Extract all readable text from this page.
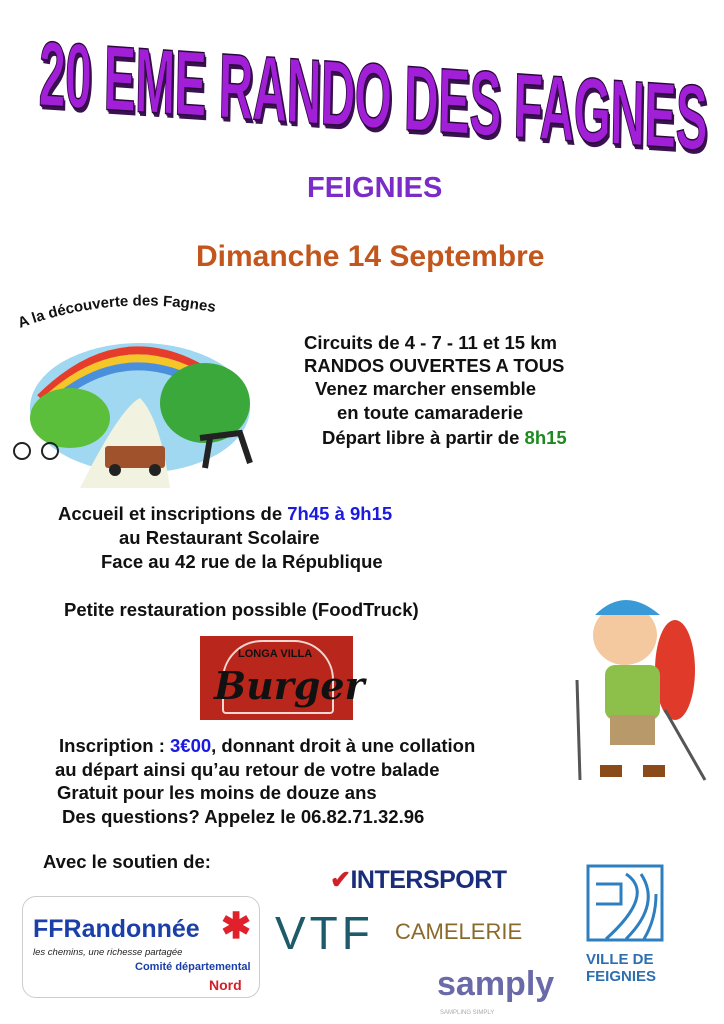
20 EME RANDO DES FAGNES
FEIGNIES
Dimanche 14 Septembre
A la découverte des Fagnes
Circuits de 4 - 7 - 11 et 15 km
RANDOS OUVERTES A TOUS
Venez marcher ensemble
en toute camaraderie
Départ libre à partir de 8h15
Accueil et inscriptions de 7h45 à 9h15
au Restaurant Scolaire
Face au 42 rue de la République
Petite restauration possible (FoodTruck)
LONGA VILLA
Burger
Inscription : 3€00, donnant droit à une collation
au départ ainsi qu’au retour de votre balade
Gratuit pour les moins de douze ans
Des questions? Appelez le 06.82.71.32.96
Avec le soutien de:
FFRandonnée ✱
les chemins, une richesse partagée
Comité départemental
Nord
✔INTERSPORT
VTF CAMELERIE
samply
SAMPLING SIMPLY
VILLE DE
FEIGNIES
